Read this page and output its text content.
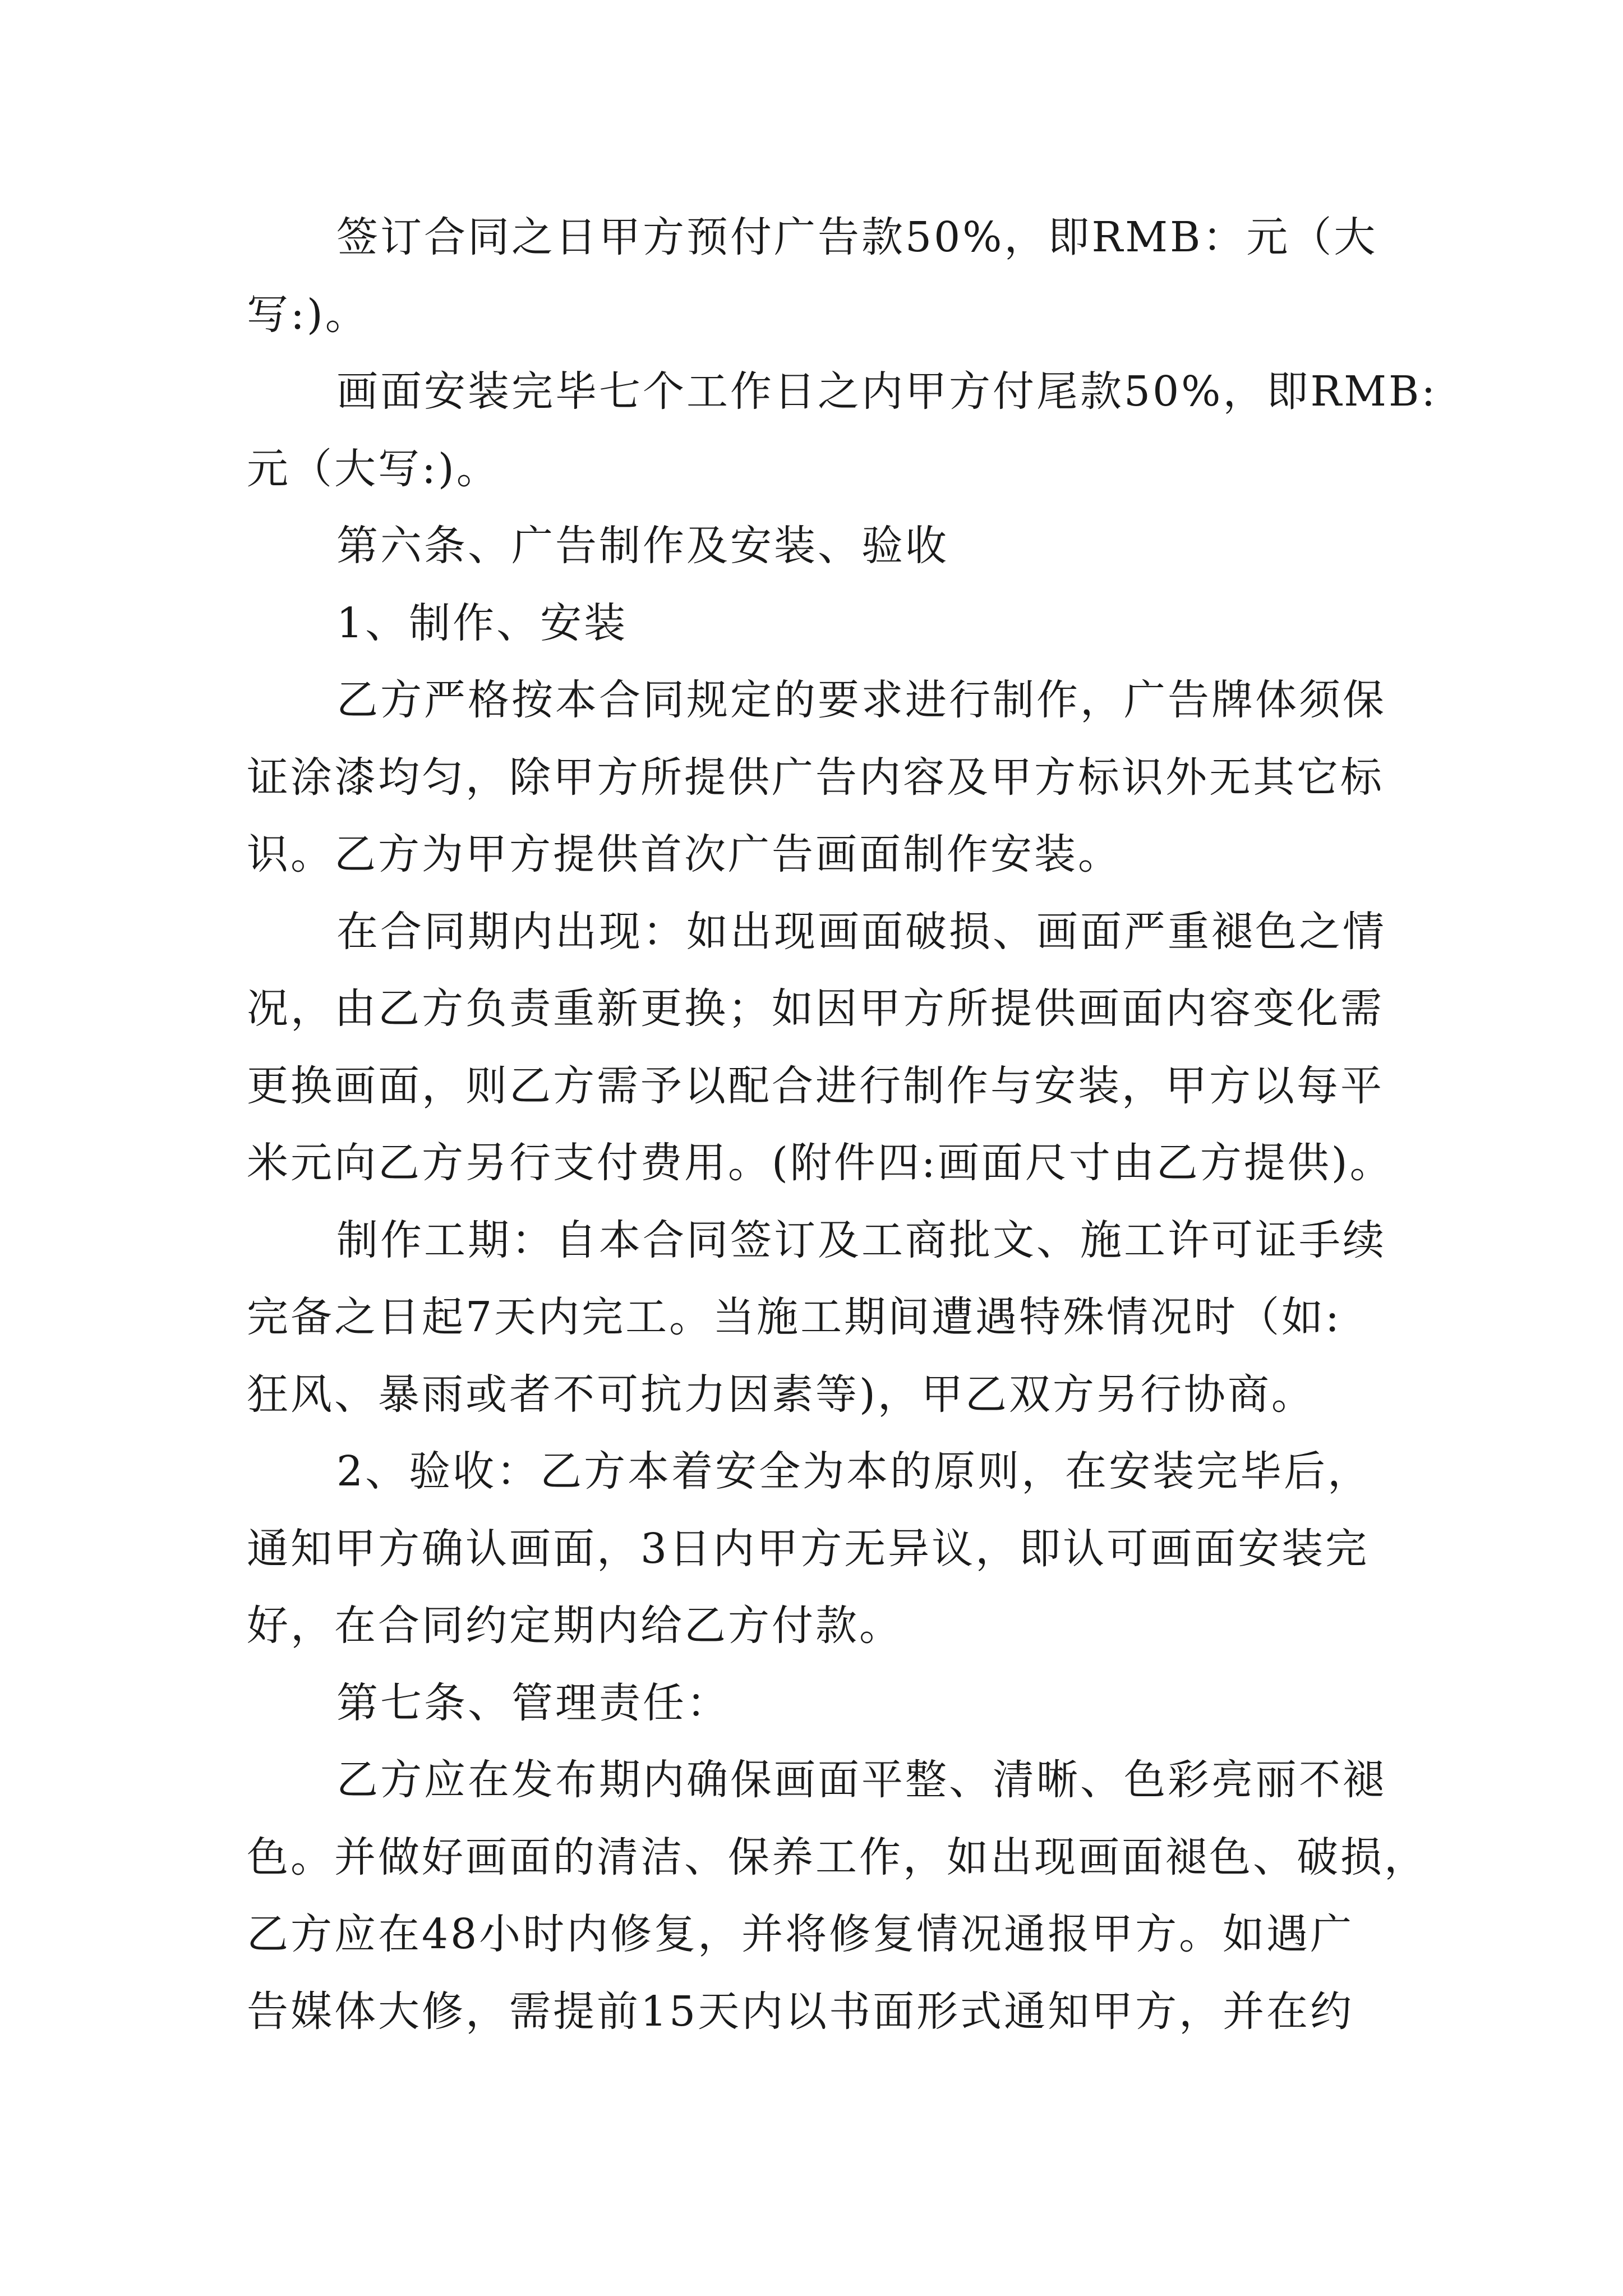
签订合同之日甲方预付广告款50%，即RMB：元（大
写:)。
画面安装完毕七个工作日之内甲方付尾款50%，即RMB:
元（大写:)。
第六条、广告制作及安装、验收
1、制作、安装
乙方严格按本合同规定的要求进行制作，广告牌体须保
证涂漆均匀，除甲方所提供广告内容及甲方标识外无其它标
识。乙方为甲方提供首次广告画面制作安装。
在合同期内出现：如出现画面破损、画面严重褪色之情
况，由乙方负责重新更换；如因甲方所提供画面内容变化需
更换画面，则乙方需予以配合进行制作与安装，甲方以每平
米元向乙方另行支付费用。(附件四:画面尺寸由乙方提供)。
制作工期：自本合同签订及工商批文、施工许可证手续
完备之日起7天内完工。当施工期间遭遇特殊情况时（如:
狂风、暴雨或者不可抗力因素等)，甲乙双方另行协商。
2、验收：乙方本着安全为本的原则，在安装完毕后，
通知甲方确认画面，3日内甲方无异议，即认可画面安装完
好，在合同约定期内给乙方付款。
第七条、管理责任：
乙方应在发布期内确保画面平整、清晰、色彩亮丽不褪
色。并做好画面的清洁、保养工作，如出现画面褪色、破损，
乙方应在48小时内修复，并将修复情况通报甲方。如遇广
告媒体大修，需提前15天内以书面形式通知甲方，并在约
